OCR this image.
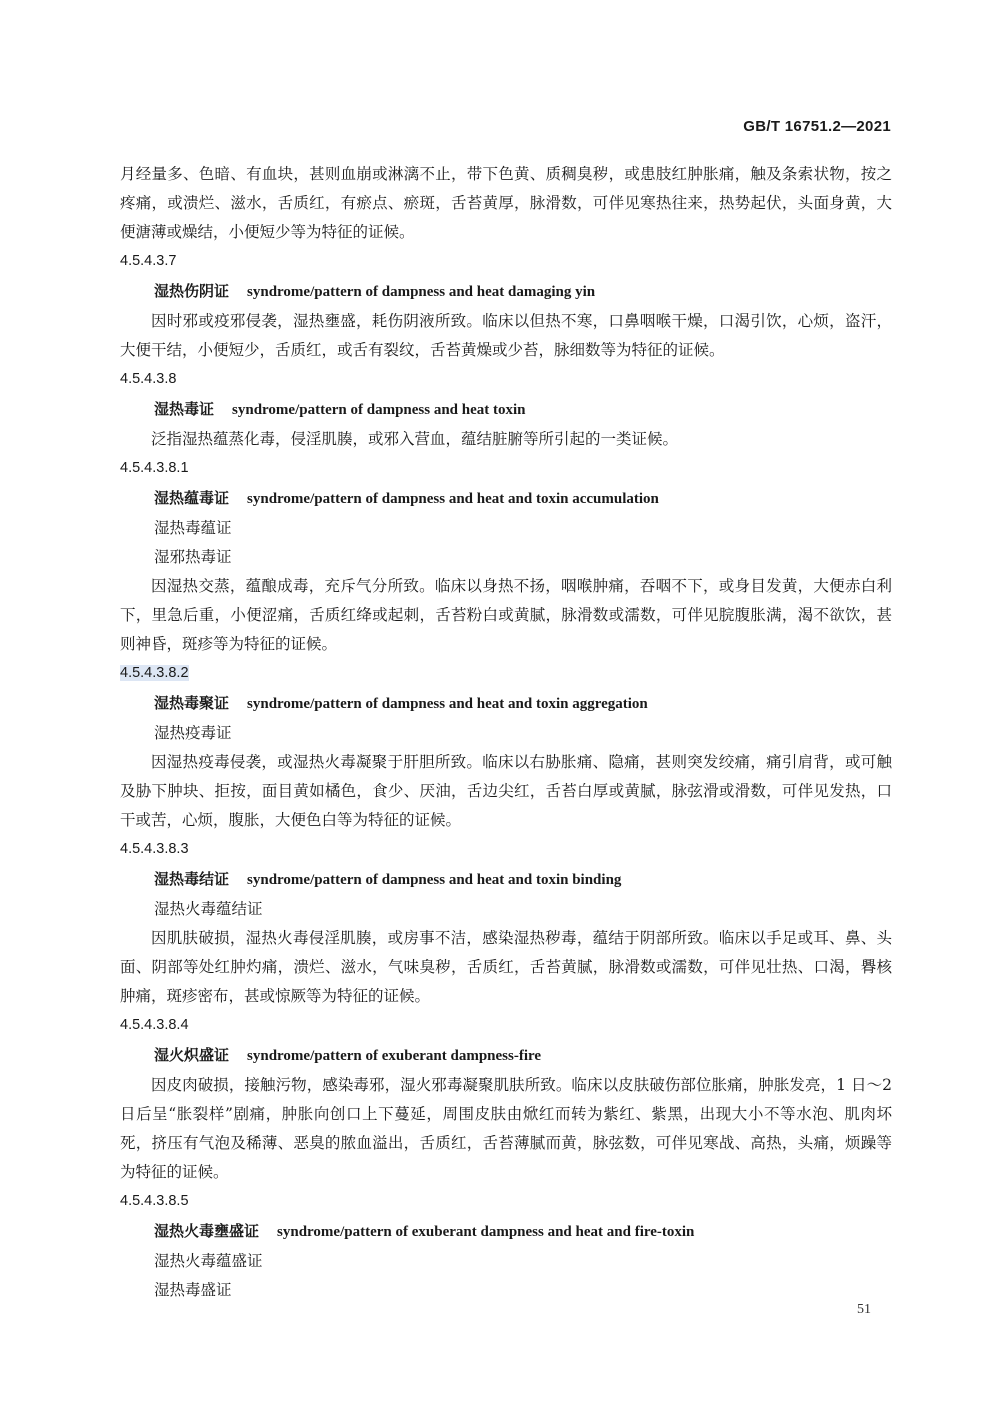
GB/T 16751.2—2021

月经量多、色暗、有血块，甚则血崩或淋漓不止，带下色黄、质稠臭秽，或患肢红肿胀痛，触及条索状物，按之疼痛，或溃烂、滋水，舌质红，有瘀点、瘀斑，舌苔黄厚，脉滑数，可伴见寒热往来，热势起伏，头面身黄，大便溏薄或燥结，小便短少等为特征的证候。

4.5.4.3.7

湿热伤阴证 syndrome/pattern of dampness and heat damaging yin

因时邪或疫邪侵袭，湿热壅盛，耗伤阴液所致。临床以但热不寒，口鼻咽喉干燥，口渴引饮，心烦，盗汗，大便干结，小便短少，舌质红，或舌有裂纹，舌苔黄燥或少苔，脉细数等为特征的证候。

4.5.4.3.8

湿热毒证 syndrome/pattern of dampness and heat toxin

泛指湿热蕴蒸化毒，侵淫肌腠，或邪入营血，蕴结脏腑等所引起的一类证候。

4.5.4.3.8.1

湿热蕴毒证 syndrome/pattern of dampness and heat and toxin accumulation

湿热毒蕴证

湿邪热毒证

因湿热交蒸，蕴酿成毒，充斥气分所致。临床以身热不扬，咽喉肿痛，吞咽不下，或身目发黄，大便赤白利下，里急后重，小便涩痛，舌质红绛或起刺，舌苔粉白或黄腻，脉滑数或濡数，可伴见脘腹胀满，渴不欲饮，甚则神昏，斑疹等为特征的证候。

4.5.4.3.8.2

湿热毒聚证 syndrome/pattern of dampness and heat and toxin aggregation

湿热疫毒证

因湿热疫毒侵袭，或湿热火毒凝聚于肝胆所致。临床以右胁胀痛、隐痛，甚则突发绞痛，痛引肩背，或可触及胁下肿块、拒按，面目黄如橘色，食少、厌油，舌边尖红，舌苔白厚或黄腻，脉弦滑或滑数，可伴见发热，口干或苦，心烦，腹胀，大便色白等为特征的证候。

4.5.4.3.8.3

湿热毒结证 syndrome/pattern of dampness and heat and toxin binding

湿热火毒蕴结证

因肌肤破损，湿热火毒侵淫肌腠，或房事不洁，感染湿热秽毒，蕴结于阴部所致。临床以手足或耳、鼻、头面、阴部等处红肿灼痛，溃烂、滋水，气味臭秽，舌质红，舌苔黄腻，脉滑数或濡数，可伴见壮热、口渴，臖核肿痛，斑疹密布，甚或惊厥等为特征的证候。

4.5.4.3.8.4

湿火炽盛证 syndrome/pattern of exuberant dampness-fire

因皮肉破损，接触污物，感染毒邪，湿火邪毒凝聚肌肤所致。临床以皮肤破伤部位胀痛，肿胀发亮，1 日～2 日后呈“胀裂样”剧痛，肿胀向创口上下蔓延，周围皮肤由焮红而转为紫红、紫黑，出现大小不等水泡、肌肉坏死，挤压有气泡及稀薄、恶臭的脓血溢出，舌质红，舌苔薄腻而黄，脉弦数，可伴见寒战、高热，头痛，烦躁等为特征的证候。

4.5.4.3.8.5

湿热火毒壅盛证 syndrome/pattern of exuberant dampness and heat and fire-toxin

湿热火毒蕴盛证

湿热毒盛证

51
